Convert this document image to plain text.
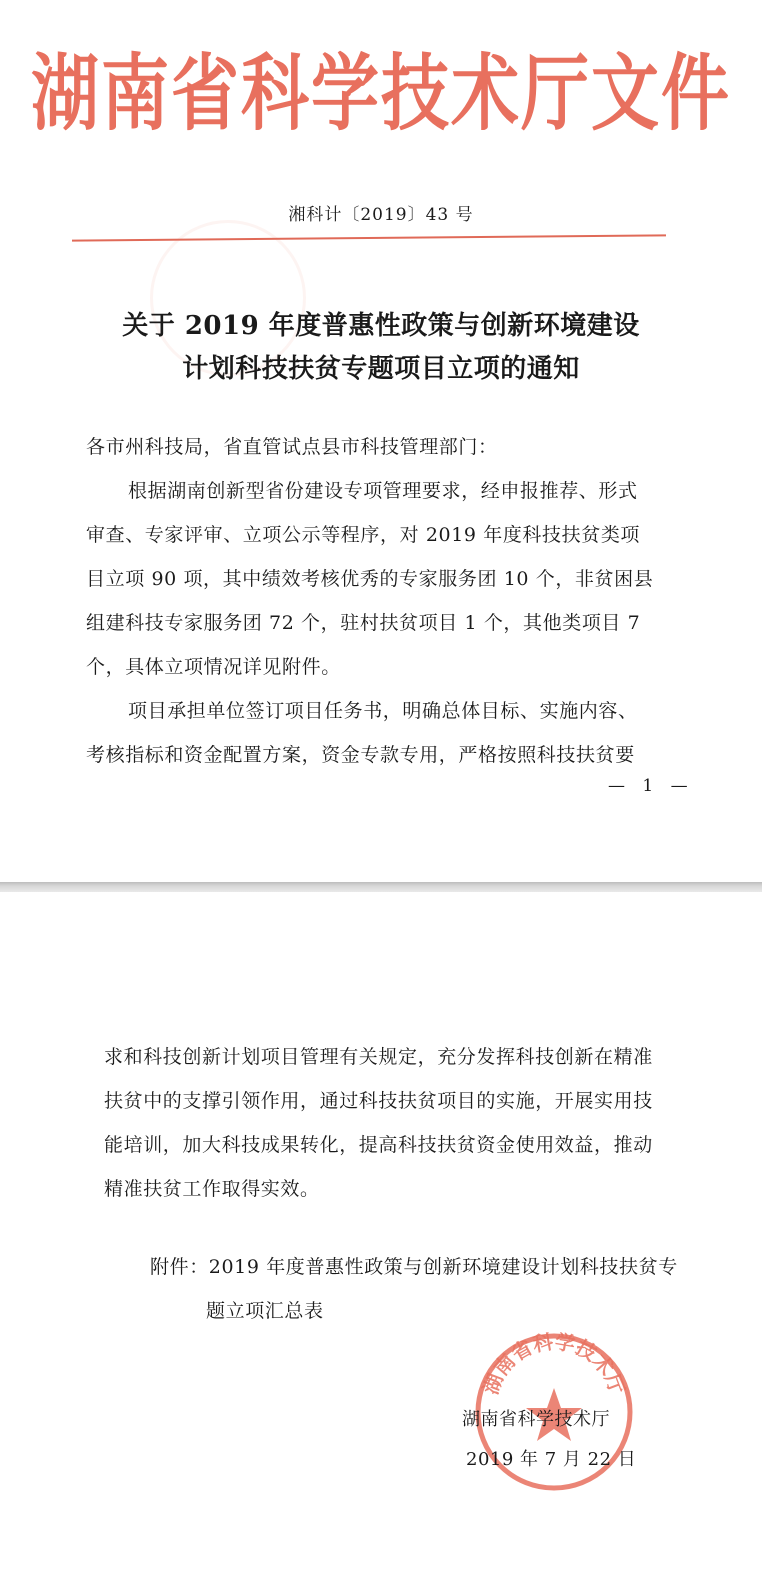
湖南省科学技术厅文件
湘科计〔2019〕43 号
关于 2019 年度普惠性政策与创新环境建设
计划科技扶贫专题项目立项的通知
各市州科技局，省直管试点县市科技管理部门：
根据湖南创新型省份建设专项管理要求，经申报推荐、形式
审查、专家评审、立项公示等程序，对 2019 年度科技扶贫类项
目立项 90 项，其中绩效考核优秀的专家服务团 10 个，非贫困县
组建科技专家服务团 72 个，驻村扶贫项目 1 个，其他类项目 7
个，具体立项情况详见附件。
项目承担单位签订项目任务书，明确总体目标、实施内容、
考核指标和资金配置方案，资金专款专用，严格按照科技扶贫要
— 1 —
求和科技创新计划项目管理有关规定，充分发挥科技创新在精准
扶贫中的支撑引领作用，通过科技扶贫项目的实施，开展实用技
能培训，加大科技成果转化，提高科技扶贫资金使用效益，推动
精准扶贫工作取得实效。
附件：2019 年度普惠性政策与创新环境建设计划科技扶贫专
题立项汇总表
湖南省科学技术厅
湖南省科学技术厅
2019 年 7 月 22 日
